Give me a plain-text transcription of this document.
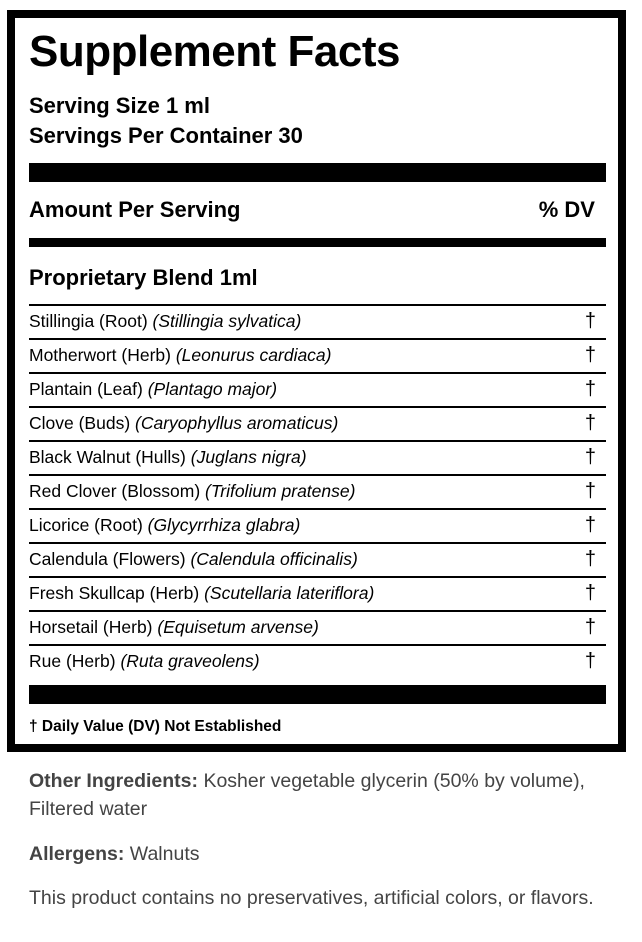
Supplement Facts
Serving Size 1 ml
Servings Per Container 30
Amount Per Serving	% DV
Proprietary Blend 1ml
Stillingia (Root) (Stillingia sylvatica)	†
Motherwort (Herb) (Leonurus cardiaca)	†
Plantain (Leaf) (Plantago major)	†
Clove (Buds) (Caryophyllus aromaticus)	†
Black Walnut (Hulls) (Juglans nigra)	†
Red Clover (Blossom) (Trifolium pratense)	†
Licorice (Root) (Glycyrrhiza glabra)	†
Calendula (Flowers) (Calendula officinalis)	†
Fresh Skullcap (Herb) (Scutellaria lateriflora)	†
Horsetail (Herb) (Equisetum arvense)	†
Rue (Herb) (Ruta graveolens)	†
† Daily Value (DV) Not Established
Other Ingredients: Kosher vegetable glycerin (50% by volume), Filtered water
Allergens: Walnuts
This product contains no preservatives, artificial colors, or flavors.
